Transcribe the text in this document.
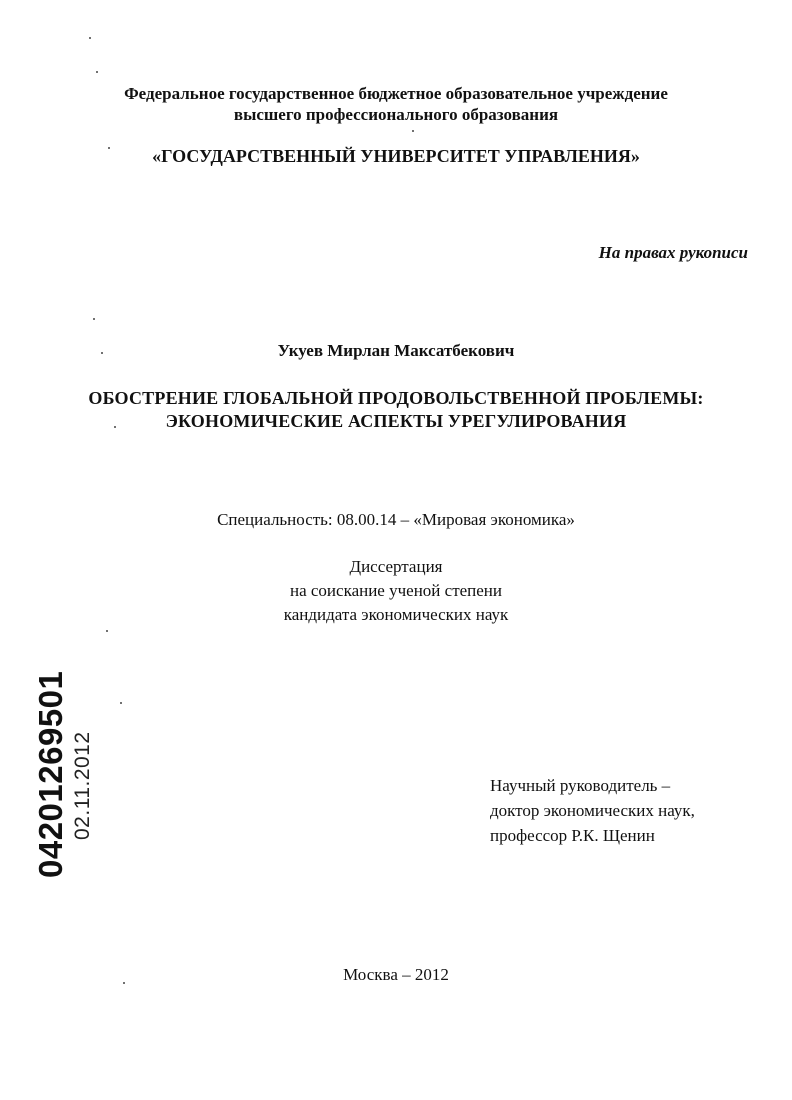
Федеральное государственное бюджетное образовательное учреждение
высшего профессионального образования
«ГОСУДАРСТВЕННЫЙ УНИВЕРСИТЕТ УПРАВЛЕНИЯ»
На правах рукописи
Укуев Мирлан Максатбекович
ОБОСТРЕНИЕ ГЛОБАЛЬНОЙ ПРОДОВОЛЬСТВЕННОЙ ПРОБЛЕМЫ:
ЭКОНОМИЧЕСКИЕ АСПЕКТЫ УРЕГУЛИРОВАНИЯ
Специальность: 08.00.14 – «Мировая экономика»
Диссертация
на соискание ученой степени
кандидата экономических наук
Научный руководитель –
доктор экономических наук,
профессор Р.К. Щенин
Москва – 2012
04201269501 02.11.2012
